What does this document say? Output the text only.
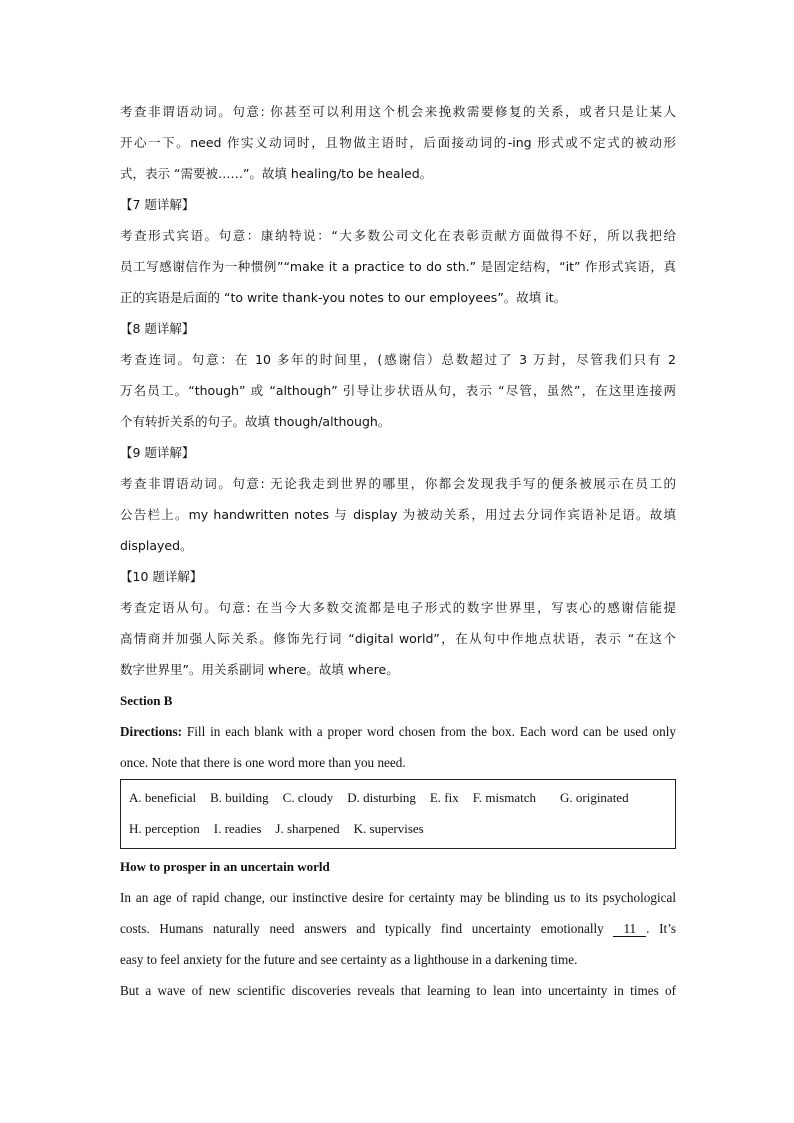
考查非谓语动词。句意: 你甚至可以利用这个机会来挽救需要修复的关系，或者只是让某人

开心一下。need 作实义动词时，且物做主语时，后面接动词的-ing 形式或不定式的被动形

式，表示 “需要被……”。故填 healing/to be healed。

【7 题详解】

考查形式宾语。句意：康纳特说：“大多数公司文化在表彰贡献方面做得不好，所以我把给

员工写感谢信作为一种惯例”“make it a practice to do sth.” 是固定结构，“it” 作形式宾语，真

正的宾语是后面的 “to write thank-you notes to our employees”。故填 it。

【8 题详解】

考查连词。句意：在 10 多年的时间里，(感谢信）总数超过了 3 万封，尽管我们只有 2

万名员工。“though” 或 “although” 引导让步状语从句，表示 “尽管，虽然”，在这里连接两

个有转折关系的句子。故填 though/although。

【9 题详解】

考查非谓语动词。句意: 无论我走到世界的哪里，你都会发现我手写的便条被展示在员工的

公告栏上。my handwritten notes 与 display 为被动关系，用过去分词作宾语补足语。故填

displayed。

【10 题详解】

考查定语从句。句意: 在当今大多数交流都是电子形式的数字世界里，写衷心的感谢信能提

高情商并加强人际关系。修饰先行词 “digital world”，在从句中作地点状语，表示 “在这个

数字世界里”。用关系副词 where。故填 where。

Section B

Directions: Fill in each blank with a proper word chosen from the box. Each word can be used only

once. Note that there is one word more than you need.

A. beneficial B. building C. cloudy D. disturbing E. fix F. mismatch G. originated
H. perception I. readies J. sharpened K. supervises

How to prosper in an uncertain world

In an age of rapid change, our instinctive desire for certainty may be blinding us to its psychological

costs. Humans naturally need answers and typically find uncertainty emotionally 11 . It’s

easy to feel anxiety for the future and see certainty as a lighthouse in a darkening time.

But a wave of new scientific discoveries reveals that learning to lean into uncertainty in times of
